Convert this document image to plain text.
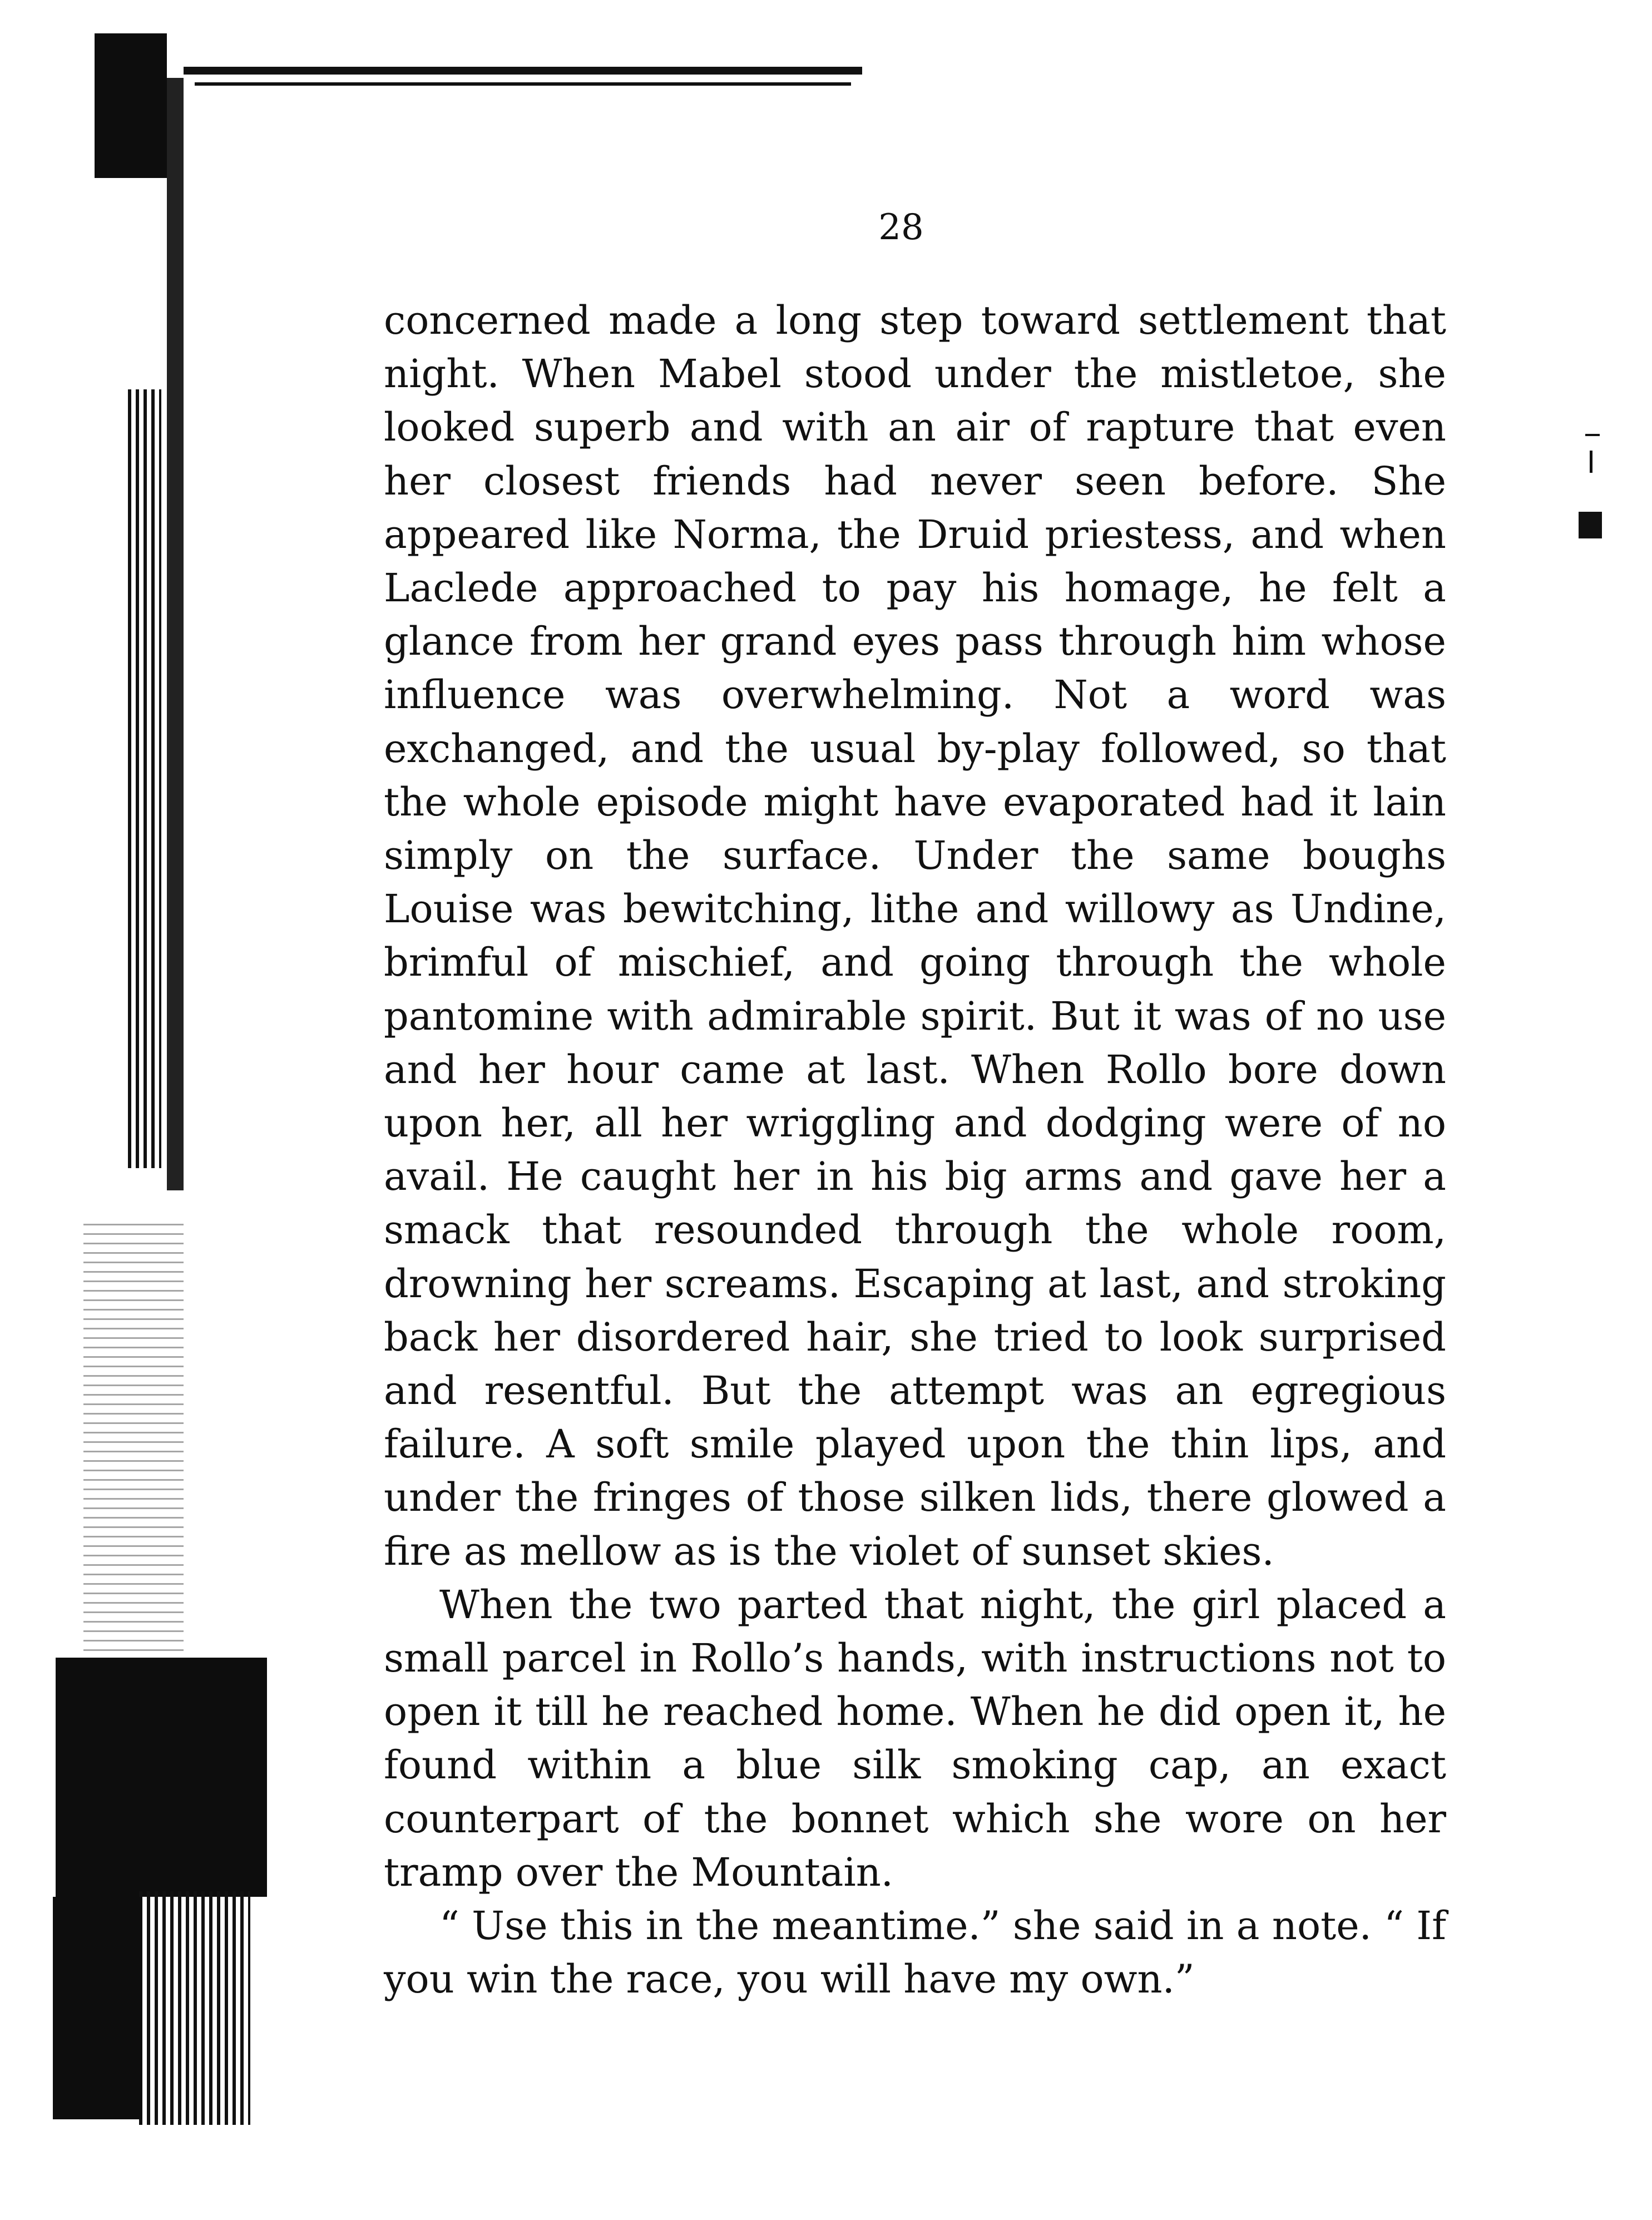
28

concerned made a long step toward settlement that night. When Mabel stood under the mistletoe, she looked superb and with an air of rapture that even her closest friends had never seen before. She appeared like Norma, the Druid priestess, and when Laclede approached to pay his homage, he felt a glance from her grand eyes pass through him whose influence was overwhelming. Not a word was exchanged, and the usual by-play followed, so that the whole episode might have evaporated had it lain simply on the surface. Under the same boughs Louise was bewitching, lithe and willowy as Undine, brimful of mischief, and going through the whole pantomine with admirable spirit. But it was of no use and her hour came at last. When Rollo bore down upon her, all her wriggling and dodging were of no avail. He caught her in his big arms and gave her a smack that resounded through the whole room, drowning her screams. Escaping at last, and stroking back her disordered hair, she tried to look surprised and resentful. But the attempt was an egregious failure. A soft smile played upon the thin lips, and under the fringes of those silken lids, there glowed a fire as mellow as is the violet of sunset skies.

When the two parted that night, the girl placed a small parcel in Rollo’s hands, with instructions not to open it till he reached home. When he did open it, he found within a blue silk smoking cap, an exact counterpart of the bonnet which she wore on her tramp over the Mountain.

“ Use this in the meantime.” she said in a note. “ If you win the race, you will have my own.”
